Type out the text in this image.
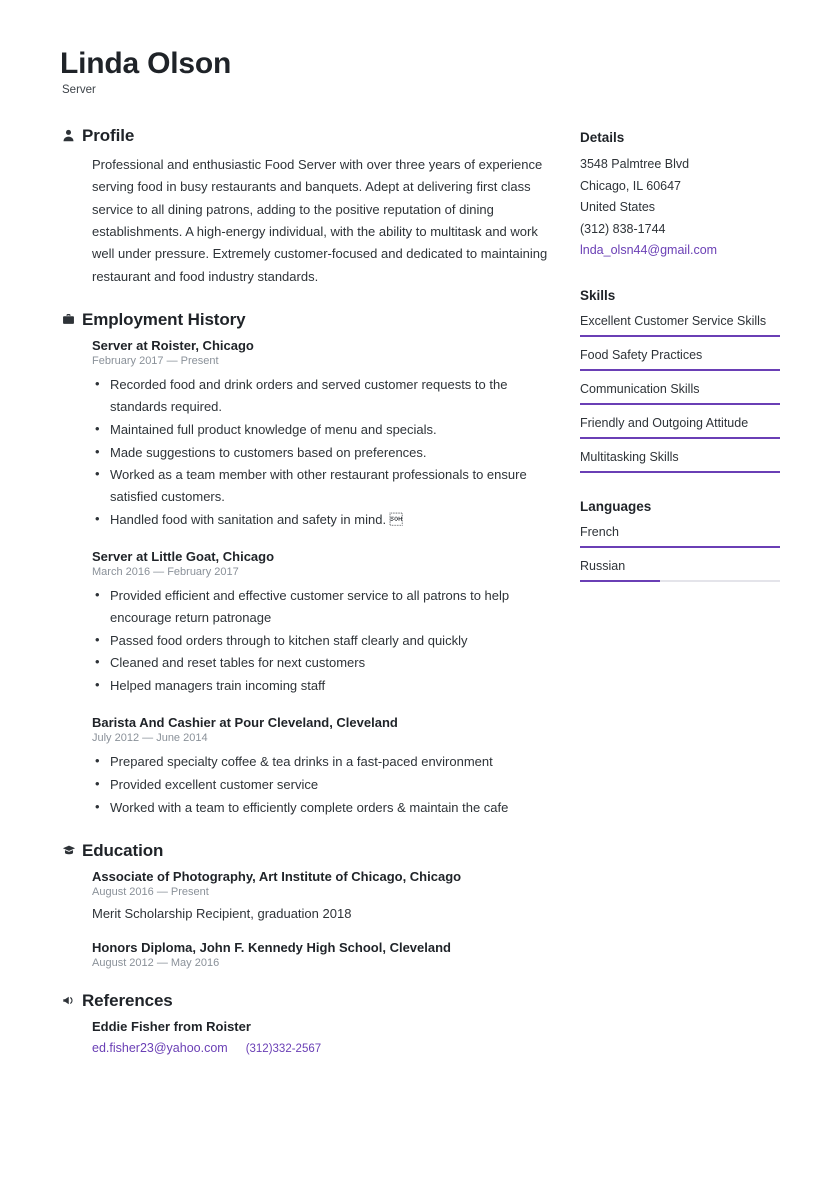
Linda Olson
Server
Profile
Professional and enthusiastic Food Server with over three years of experience serving food in busy restaurants and banquets. Adept at delivering first class service to all dining patrons, adding to the positive reputation of dining establishments. A high-energy individual, with the ability to multitask and work well under pressure. Extremely customer-focused and dedicated to maintaining restaurant and food industry standards.
Employment History
Server at Roister, Chicago
February 2017 — Present
• Recorded food and drink orders and served customer requests to the standards required.
• Maintained full product knowledge of menu and specials.
• Made suggestions to customers based on preferences.
• Worked as a team member with other restaurant professionals to ensure satisfied customers.
• Handled food with sanitation and safety in mind. 
Server at Little Goat, Chicago
March 2016 — February 2017
• Provided efficient and effective customer service to all patrons to help encourage return patronage
• Passed food orders through to kitchen staff clearly and quickly
• Cleaned and reset tables for next customers
• Helped managers train incoming staff
Barista And Cashier at Pour Cleveland, Cleveland
July 2012 — June 2014
• Prepared specialty coffee & tea drinks in a fast-paced environment
• Provided excellent customer service
• Worked with a team to efficiently complete orders & maintain the cafe
Education
Associate of Photography, Art Institute of Chicago, Chicago
August 2016 — Present
Merit Scholarship Recipient, graduation 2018
Honors Diploma, John F. Kennedy High School, Cleveland
August 2012 — May 2016
References
Eddie Fisher from Roister
ed.fisher23@yahoo.com (312)332-2567
Details
3548 Palmtree Blvd
Chicago, IL 60647
United States
(312) 838-1744
lnda_olsn44@gmail.com
Skills
Excellent Customer Service Skills
Food Safety Practices
Communication Skills
Friendly and Outgoing Attitude
Multitasking Skills
Languages
French
Russian
